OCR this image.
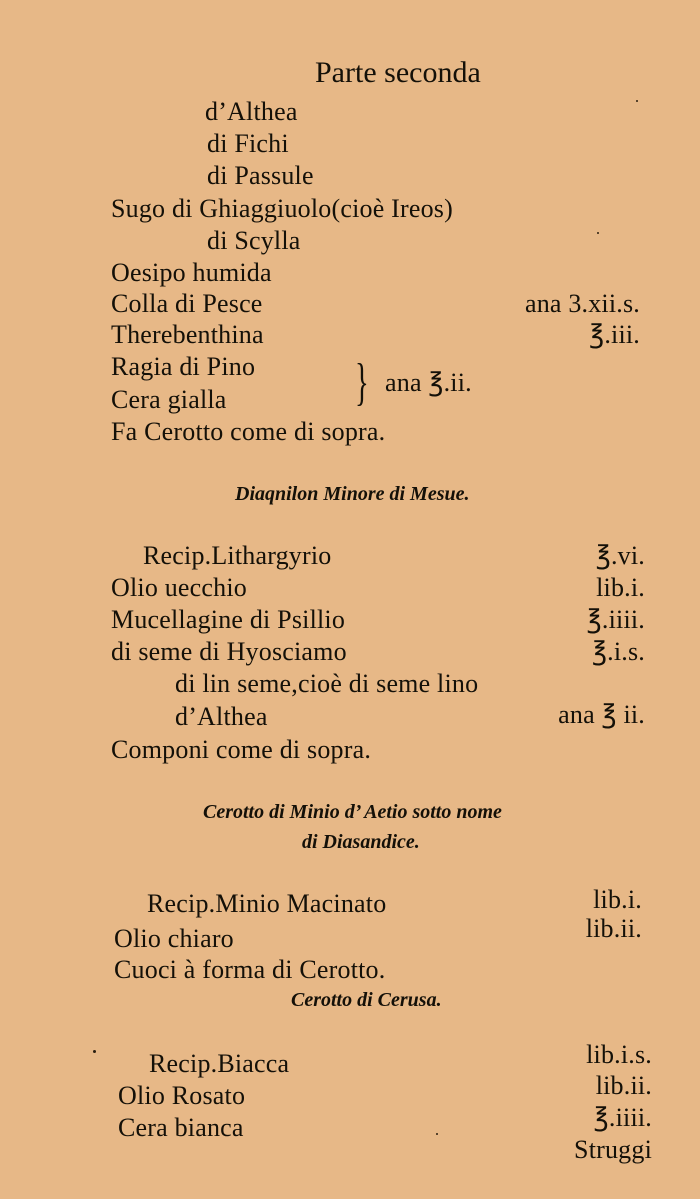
Parte seconda
d’Althea
di Fichi
di Passule
Sugo di Ghiaggiuolo(cioè Ireos)
di Scylla
Oesipo humida
Colla di Pesce	ana 3.xii.s.
Therebenthina	℥.iii.
Ragia di Pino
Cera gialla } ana ℥.ii.
Fa Cerotto come di sopra.
Diaqnilon Minore di Mesue.
Recip.Lithargyrio	℥.vi.
Olio uecchio	lib.i.
Mucellagine di Psillio	℥.iiii.
di seme di Hyosciamo	℥.i.s.
di lin seme,cioè di seme lino
d’Althea	ana ℥ ii.
Componi come di sopra.
Cerotto di Minio d’ Aetio sotto nome
di Diasandice.
Recip.Minio Macinato	lib.i.
Olio chiaro	lib.ii.
Cuoci à forma di Cerotto.
Cerotto di Cerusa.
Recip.Biacca	lib.i.s.
Olio Rosato	lib.ii.
Cera bianca	℥.iiii.
Struggi
